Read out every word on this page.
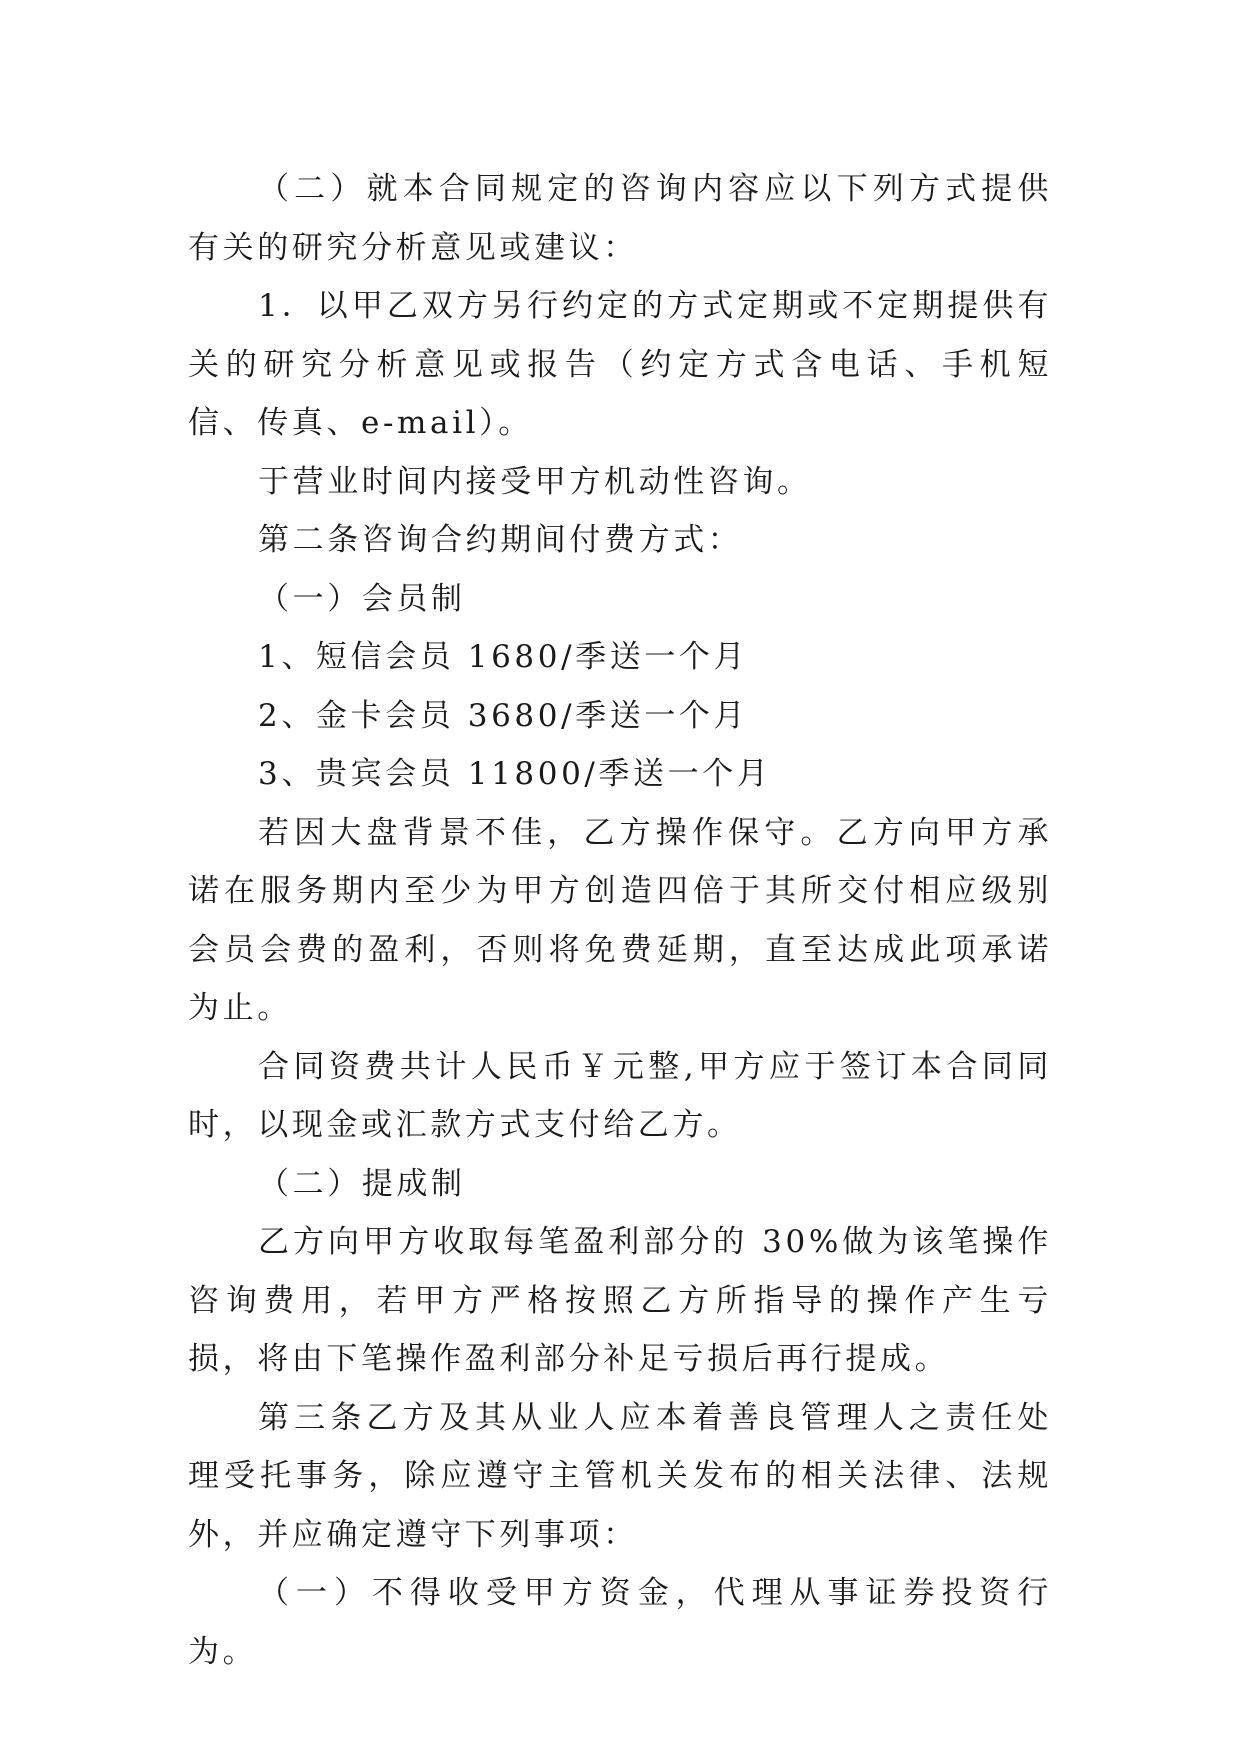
（二）就本合同规定的咨询内容应以下列方式提供有关的研究分析意见或建议：

1．以甲乙双方另行约定的方式定期或不定期提供有关的研究分析意见或报告（约定方式含电话、手机短信、传真、e-mail）。

于营业时间内接受甲方机动性咨询。

第二条咨询合约期间付费方式：

（一）会员制

1、短信会员 1680/季送一个月

2、金卡会员 3680/季送一个月

3、贵宾会员 11800/季送一个月

若因大盘背景不佳，乙方操作保守。乙方向甲方承诺在服务期内至少为甲方创造四倍于其所交付相应级别会员会费的盈利，否则将免费延期，直至达成此项承诺为止。

合同资费共计人民币￥元整,甲方应于签订本合同同时，以现金或汇款方式支付给乙方。

（二）提成制

乙方向甲方收取每笔盈利部分的 30%做为该笔操作咨询费用，若甲方严格按照乙方所指导的操作产生亏损，将由下笔操作盈利部分补足亏损后再行提成。

第三条乙方及其从业人应本着善良管理人之责任处理受托事务，除应遵守主管机关发布的相关法律、法规外，并应确定遵守下列事项：

（一）不得收受甲方资金，代理从事证券投资行为。
